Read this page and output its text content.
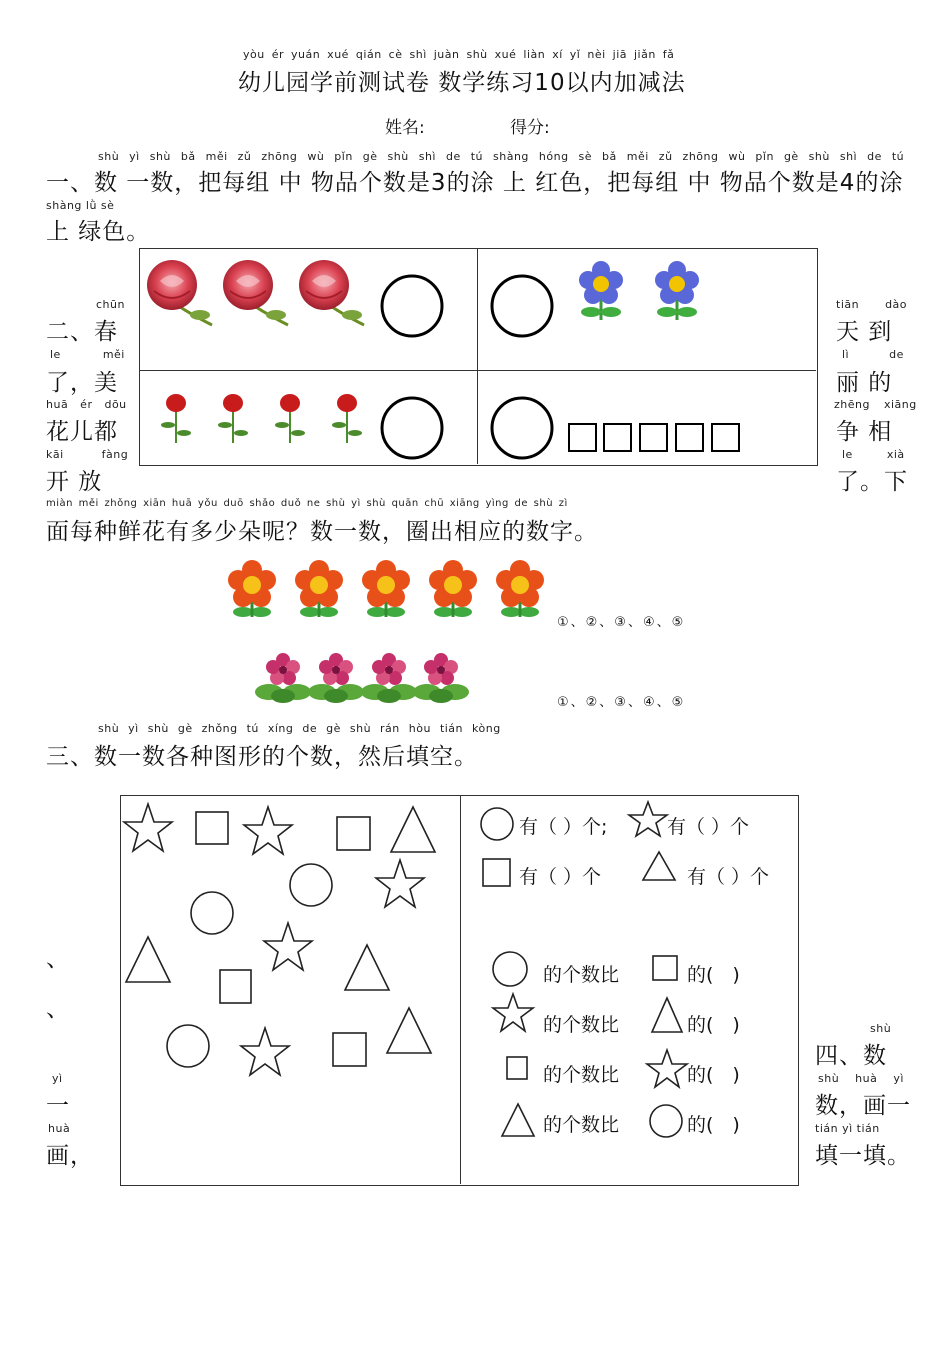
yòu ér yuán xué qián cè shì juàn shù xué liàn xí yǐ nèi jiā jiǎn fǎ
幼儿园学前测试卷 数学练习10以内加减法
姓名:	得分:
shù yì shù bǎ měi zǔ zhōng wù pǐn gè shù shì de tú shàng hóng sè bǎ měi zǔ zhōng wù pǐn gè shù shì de tú
一、数 一数，把每组 中 物品个数是3的涂 上 红色，把每组 中 物品个数是4的涂
shàng lǜ sè
上 绿色。
chūn
二、春
le měi
了，美
huā ér dōu
花儿都
kāi fàng
开 放
tiān dào
天 到
lì de
丽 的
zhēng xiāng
争 相
le xià
了。下
miàn měi zhǒng xiān huā yǒu duō shǎo duǒ ne shù yì shù quān chū xiāng yìng de shù zì
面每种鲜花有多少朵呢？数一数，圈出相应的数字。
①、②、③、④、⑤
①、②、③、④、⑤
shù yì shù gè zhǒng tú xíng de gè shù rán hòu tián kòng
三、数一数各种图形的个数，然后填空。
有（ ）个;	有（ ）个
有（ ）个	有（ ）个
的个数比	的(　)
的个数比	的(　)
的个数比	的(　)
的个数比	的(　)
、
、
yì
一
huà
画，
shù
四、数
shù huà yì
数，画一
tián yì tián
填一填。
